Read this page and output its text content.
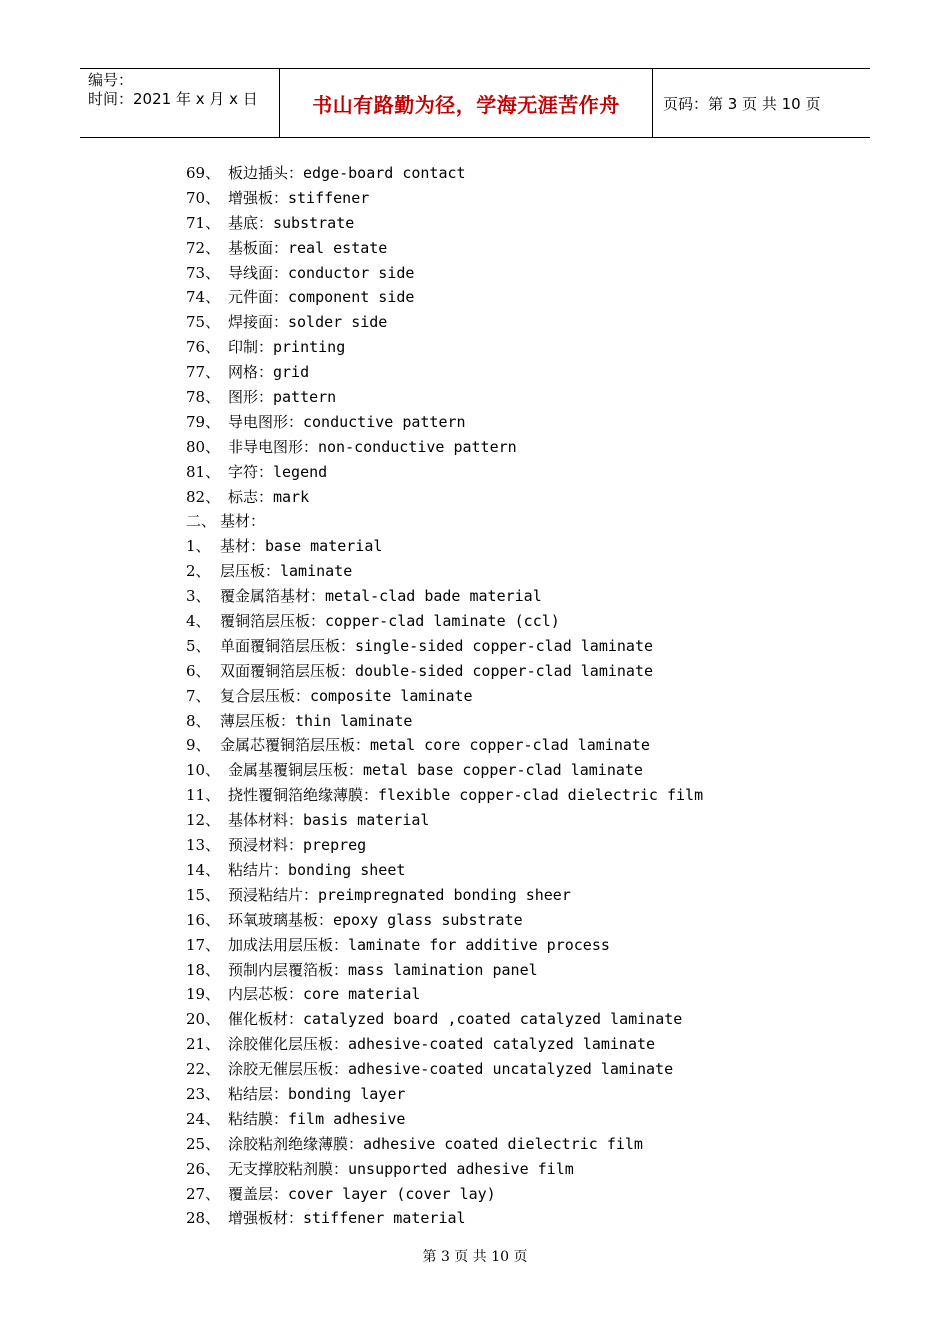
编号：
时间：2021 年 x 月 x 日	书山有路勤为径，学海无涯苦作舟	页码：第 3 页 共 10 页
69、 板边插头：edge-board contact
70、 增强板：stiffener
71、 基底：substrate
72、 基板面：real estate
73、 导线面：conductor side
74、 元件面：component side
75、 焊接面：solder side
76、 印制：printing
77、 网格：grid
78、 图形：pattern
79、 导电图形：conductive pattern
80、 非导电图形：non-conductive pattern
81、 字符：legend
82、 标志：mark
二、 基材：
1、 基材：base material
2、 层压板：laminate
3、 覆金属箔基材：metal-clad bade material
4、 覆铜箔层压板：copper-clad laminate (ccl)
5、 单面覆铜箔层压板：single-sided copper-clad laminate
6、 双面覆铜箔层压板：double-sided copper-clad laminate
7、 复合层压板：composite laminate
8、 薄层压板：thin laminate
9、 金属芯覆铜箔层压板：metal core copper-clad laminate
10、 金属基覆铜层压板：metal base copper-clad laminate
11、 挠性覆铜箔绝缘薄膜：flexible copper-clad dielectric film
12、 基体材料：basis material
13、 预浸材料：prepreg
14、 粘结片：bonding sheet
15、 预浸粘结片：preimpregnated bonding sheer
16、 环氧玻璃基板：epoxy glass substrate
17、 加成法用层压板：laminate for additive process
18、 预制内层覆箔板：mass lamination panel
19、 内层芯板：core material
20、 催化板材：catalyzed board ,coated catalyzed laminate
21、 涂胶催化层压板：adhesive-coated catalyzed laminate
22、 涂胶无催层压板：adhesive-coated uncatalyzed laminate
23、 粘结层：bonding layer
24、 粘结膜：film adhesive
25、 涂胶粘剂绝缘薄膜：adhesive coated dielectric film
26、 无支撑胶粘剂膜：unsupported adhesive film
27、 覆盖层：cover layer (cover lay)
28、 增强板材：stiffener material
第 3 页 共 10 页
